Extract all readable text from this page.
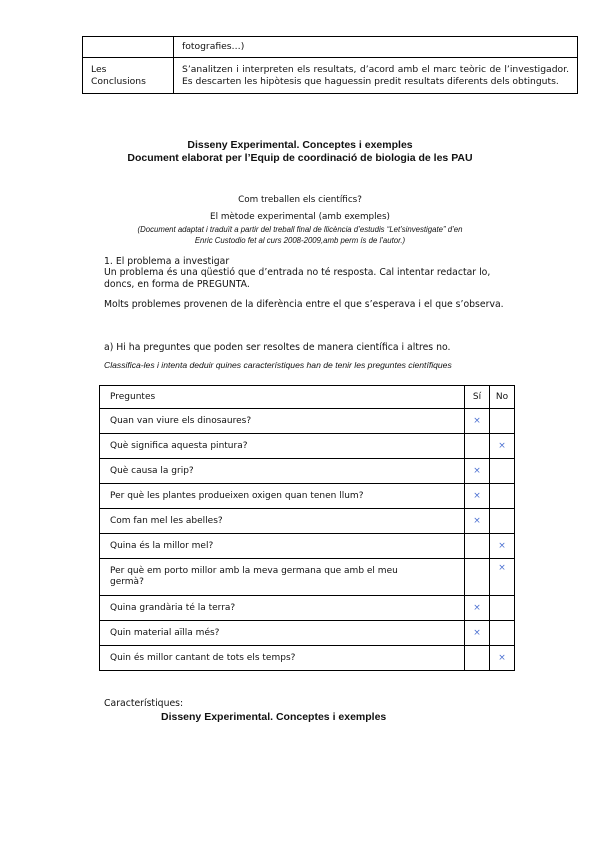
	fotografies…)
Les
Conclusions	S’analitzen i interpreten els resultats, d’acord amb el marc teòric de l’investigador. Es descarten les hipòtesis que haguessin predit resultats diferents dels obtinguts.
Disseny Experimental. Conceptes i exemples
Document elaborat per l’Equip de coordinació de biologia de les PAU
Com treballen els científics?
El mètode experimental (amb exemples)
(Document adaptat i traduït a partir del treball final de llicència d’estudis “Let’sinvestigate” d’en
Enric Custodio fet al curs 2008-2009,amb perm ís de l’autor.)
1. El problema a investigar
Un problema és una qüestió que d’entrada no té resposta. Cal intentar redactar lo, doncs, en forma de PREGUNTA.
Molts problemes provenen de la diferència entre el que s’esperava i el que s’observa.
a) Hi ha preguntes que poden ser resoltes de manera científica i altres no.
Classifica-les i intenta deduir quines característiques han de tenir les preguntes científiques
Preguntes	Sí	No
Quan van viure els dinosaures?	×	
Què significa aquesta pintura?		×
Què causa la grip?	×	
Per què les plantes produeixen oxigen quan tenen llum?	×	
Com fan mel les abelles?	×	
Quina és la millor mel?		×
Per què em porto millor amb la meva germana que amb el meu germà?		×
Quina grandària té la terra?	×	
Quin material aïlla més?	×	
Quin és millor cantant de tots els temps?		×
Característiques:
Disseny Experimental. Conceptes i exemples
